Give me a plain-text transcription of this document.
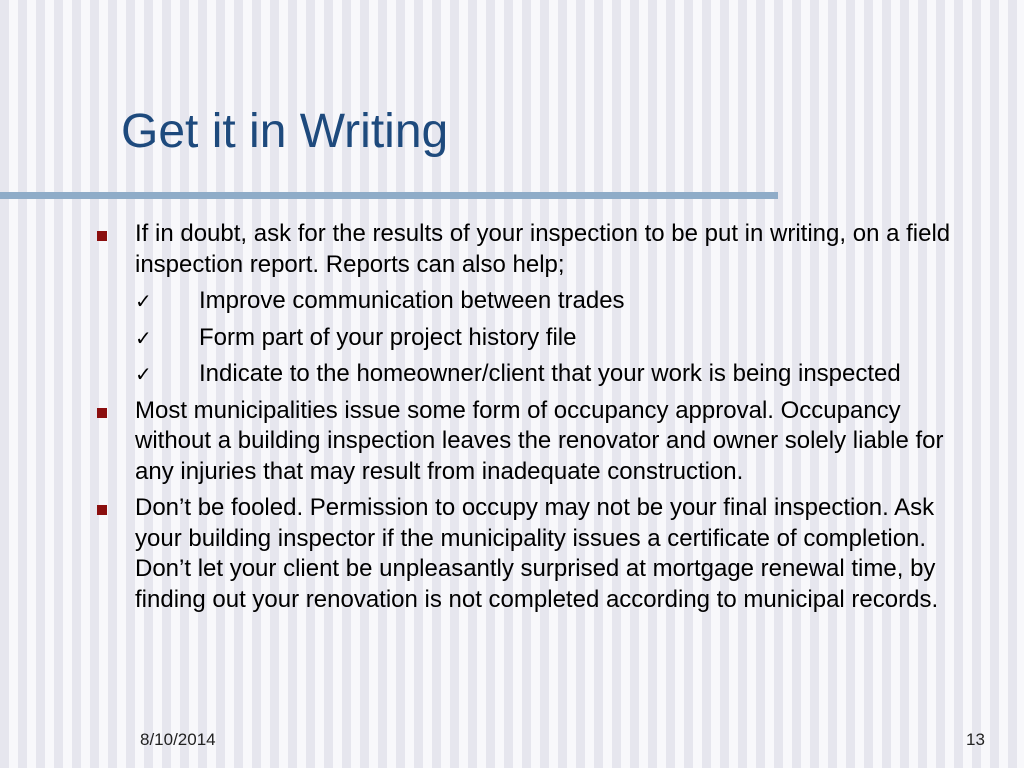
Get it in Writing
If in doubt, ask for the results of your inspection to be put in writing, on a field inspection report. Reports can also help;
✓ Improve communication between trades
✓ Form part of your project history file
✓ Indicate to the homeowner/client that your work is being inspected
Most municipalities issue some form of occupancy approval. Occupancy without a building inspection leaves the renovator and owner solely liable for any injuries that may result from inadequate construction.
Don’t be fooled. Permission to occupy may not be your final inspection. Ask your building inspector if the municipality issues a certificate of completion. Don’t let your client be unpleasantly surprised at mortgage renewal time, by finding out your renovation is not completed according to municipal records.
8/10/2014	13
